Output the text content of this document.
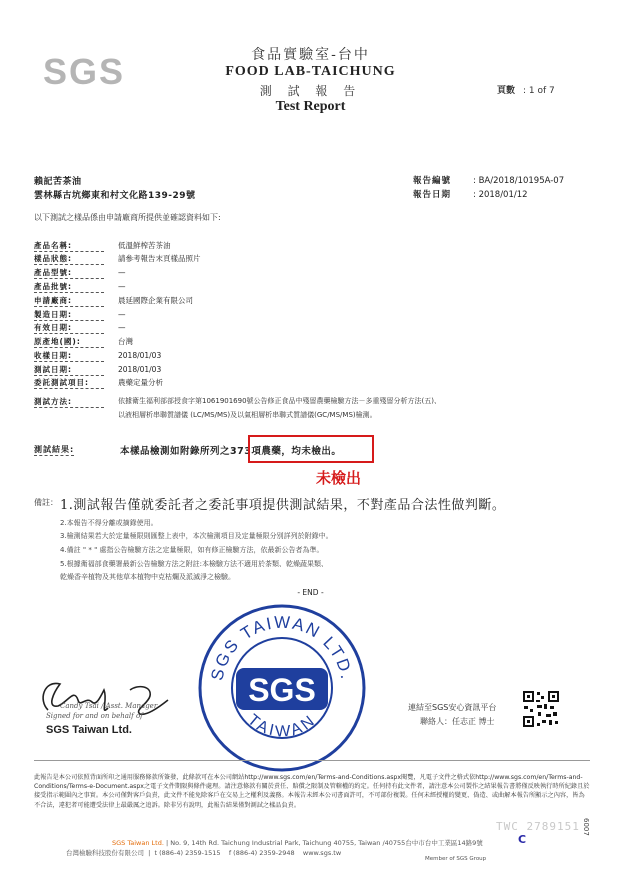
SGS	食品實驗室-台中
FOOD LAB-TAICHUNG
測 試 報 告
Test Report
頁數 : 1 of 7
賴記苦茶油
雲林縣古坑鄉東和村文化路139-29號
報告編號	: BA/2018/10195A-07
報告日期	: 2018/01/12
以下測試之樣品係由申請廠商所提供並確認資料如下:
產品名稱:	低溫鮮榨苦茶油
樣品狀態:	請參考報告末頁樣品照片
產品型號:	—
產品批號:	—
申請廠商:	晨延國際企業有限公司
製造日期:	—
有效日期:	—
原產地(國):	台灣
收樣日期:	2018/01/03
測試日期:	2018/01/03
委託測試項目:	農藥定量分析
測試方法:	依據衛生福利部部授食字第1061901690號公告修正食品中殘留農藥檢驗方法－多重殘留分析方法(五)、
以液相層析串聯質譜儀 (LC/MS/MS)及以氣相層析串聯式質譜儀(GC/MS/MS)檢測。
測試結果:	本樣品檢測如附錄所列之373項農藥，均未檢出。
未檢出
備註： 1.測試報告僅就委託者之委託事項提供測試結果，不對產品合法性做判斷。
2.本報告不得分離或摘錄使用。
3.檢測結果若大於定量極限則匯整上表中，本次檢測項目及定量極限分別詳列於附錄中。
4.備註 " * " 處指公告檢驗方法之定量極限，如有修正檢驗方法，依最新公告者為準。
5.根據衛福部食藥署最新公告檢驗方法之附註:本檢驗方法不適用於茶類、乾燥蔬果類、
乾燥香辛植物及其他草本植物中克枯爛及派滅淨之檢驗。
- END -
SGS TAIWAN LTD.
TAIWAN
SGS
Candy Tsai / Asst. Manager
Signed for and on behalf of
SGS Taiwan Ltd.
連結至SGS安心資訊平台
聯絡人：任志正 博士
此報告是本公司依照背面所印之通用服務條款所簽發，此條款可在本公司網站http://www.sgs.com/en/Terms-and-Conditions.aspx閱覽，凡電子文件之格式依http://www.sgs.com/en/Terms-and-Conditions/Terms-e-Document.aspx之電子文件期限與條件處理。請注意條款有關於責任、賠償之限制及管轄權的約定。任何持有此文件者，請注意本公司製作之結果報告書將僅反映執行時所紀錄且於接受指示範圍內之事實。本公司僅對客戶負責，此文件不能免除客戶在交易上之權利及義務。本報告未經本公司書面許可，不可部份複製。任何未經授權的變更、偽造、或曲解本報告所顯示之內容，皆為不合法，違犯者可能遭受法律上最嚴厲之追訴。除非另有說明，此報告結果僅對測試之樣品負責。
SGS Taiwan Ltd. | No. 9, 14th Rd. Taichung Industrial Park, Taichung 40755, Taiwan /40755台中市台中工業區14路9號
台灣檢驗科技股份有限公司  |  t (886-4) 2359-1515 f (886-4) 2359-2948 www.sgs.tw
Member of SGS Group
TWC 2789151
C
6007
